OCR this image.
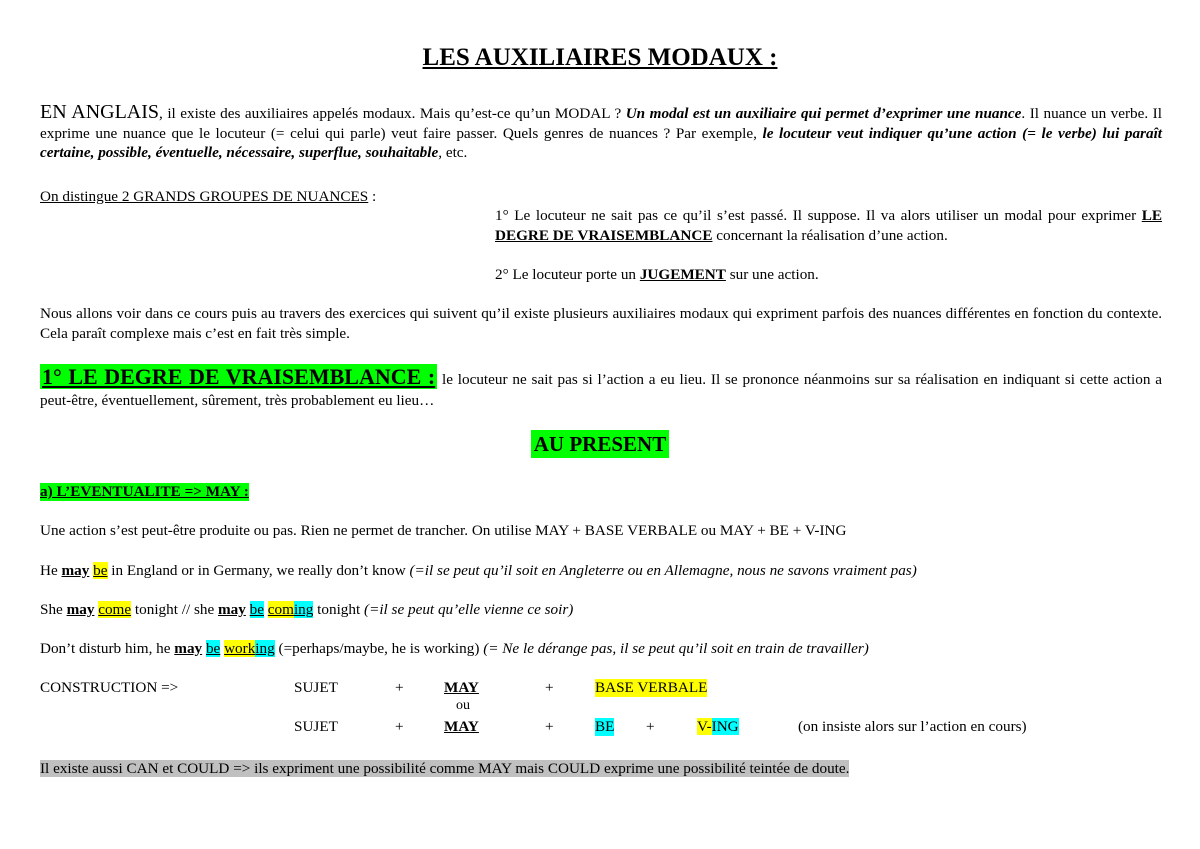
LES AUXILIAIRES MODAUX :
EN ANGLAIS, il existe des auxiliaires appelés modaux. Mais qu’est-ce qu’un MODAL ? Un modal est un auxiliaire qui permet d’exprimer une nuance. Il nuance un verbe. Il exprime une nuance que le locuteur (= celui qui parle) veut faire passer. Quels genres de nuances ? Par exemple, le locuteur veut indiquer qu’une action (= le verbe) lui paraît certaine, possible, éventuelle, nécessaire, superflue, souhaitable, etc.
On distingue 2 GRANDS GROUPES DE NUANCES :
1° Le locuteur ne sait pas ce qu’il s’est passé. Il suppose. Il va alors utiliser un modal pour exprimer LE DEGRE DE VRAISEMBLANCE concernant la réalisation d’une action.
2° Le locuteur porte un JUGEMENT sur une action.
Nous allons voir dans ce cours puis au travers des exercices qui suivent qu’il existe plusieurs auxiliaires modaux qui expriment parfois des nuances différentes en fonction du contexte. Cela paraît complexe mais c’est en fait très simple.
1° LE DEGRE DE VRAISEMBLANCE : le locuteur ne sait pas si l’action a eu lieu. Il se prononce néanmoins sur sa réalisation en indiquant si cette action a peut-être, éventuellement, sûrement, très probablement eu lieu…
AU PRESENT
a) L’EVENTUALITE => MAY :
Une action s’est peut-être produite ou pas. Rien ne permet de trancher. On utilise MAY + BASE VERBALE ou MAY + BE + V-ING
He may be in England or in Germany, we really don’t know (=il se peut qu’il soit en Angleterre ou en Allemagne, nous ne savons vraiment pas)
She may come tonight // she may be coming tonight (=il se peut qu’elle vienne ce soir)
Don’t disturb him, he may be working (=perhaps/maybe, he is working) (= Ne le dérange pas, il se peut qu’il soit en train de travailler)
CONSTRUCTION =>	SUJET	+	MAY	+	BASE VERBALE
ou
SUJET	+	MAY	+	BE +	V-ING	(on insiste alors sur l’action en cours)
Il existe aussi CAN et COULD => ils expriment une possibilité comme MAY mais COULD exprime une possibilité teintée de doute.
